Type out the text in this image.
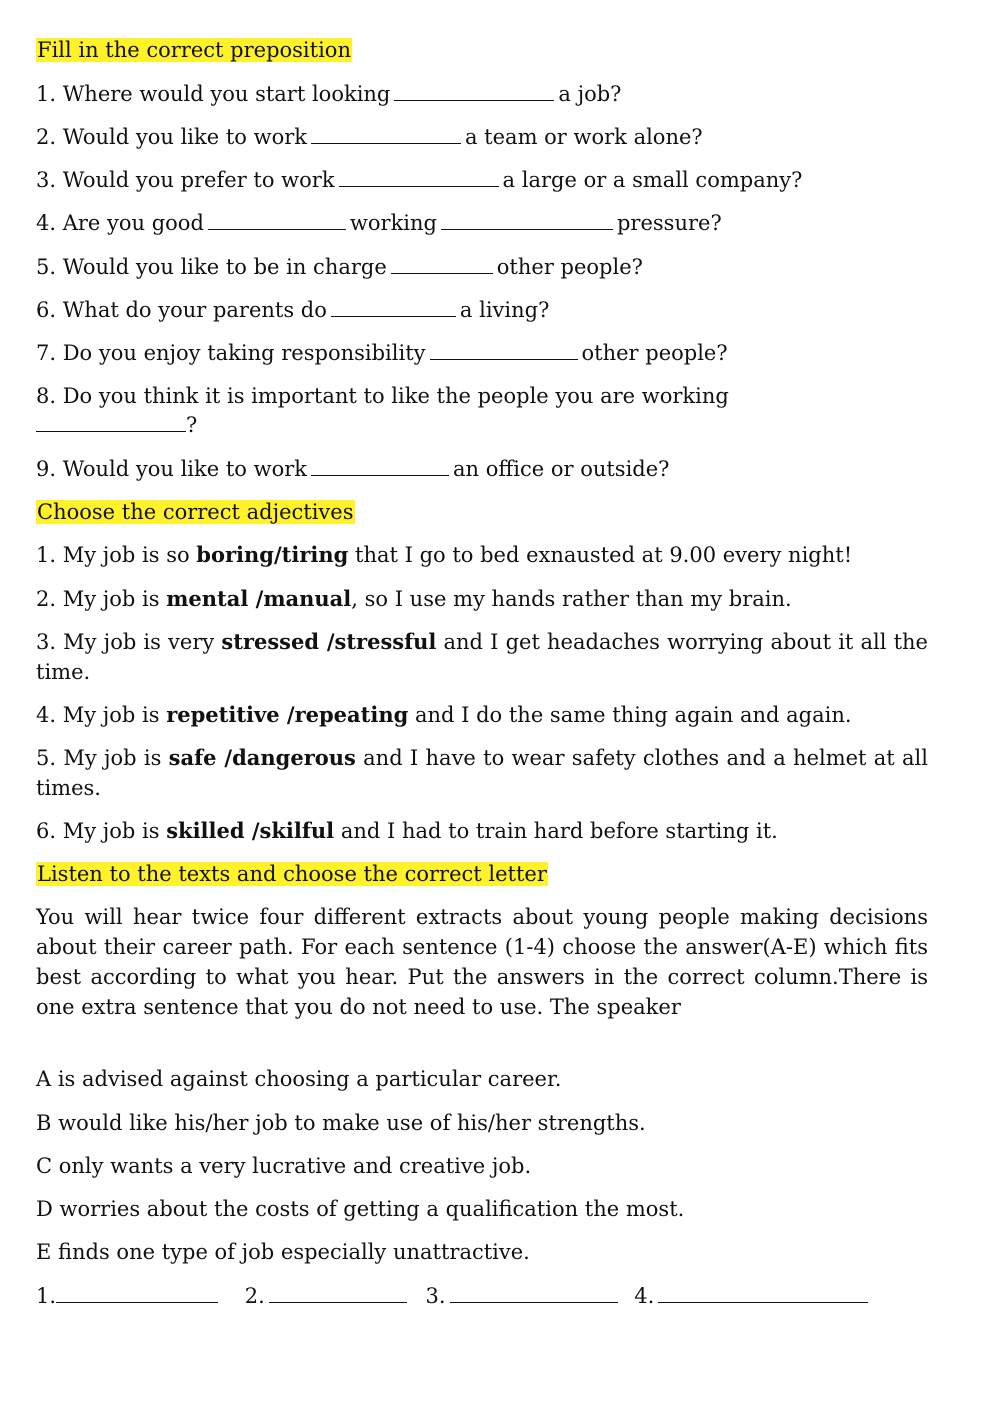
Fill in the correct preposition
1. Where would you start looking	a job?
2. Would you like to work	a team or work alone?
3. Would you prefer to work	a large or a small company?
4. Are you good	working	pressure?
5. Would you like to be in charge	other people?
6. What do your parents do	a living?
7. Do you enjoy taking responsibility	other people?
8. Do you think it is important to like the people you are working
?
9. Would you like to work	an office or outside?
Choose the correct adjectives
1. My job is so boring/tiring that I go to bed exnausted at 9.00 every night!
2. My job is mental /manual, so I use my hands rather than my brain.
3. My job is very stressed /stressful and I get headaches worrying about it all the time.
4. My job is repetitive /repeating and I do the same thing again and again.
5. My job is safe /dangerous and I have to wear safety clothes and a helmet at all times.
6. My job is skilled /skilful and I had to train hard before starting it.
Listen to the texts and choose the correct letter
You will hear twice four different extracts about young people making decisions about their career path. For each sentence (1-4) choose the answer(A-E) which fits best according to what you hear. Put the answers in the correct column.There is one extra sentence that you do not need to use. The speaker
A is advised against choosing a particular career.
B would like his/her job to make use of his/her strengths.
C only wants a very lucrative and creative job.
D worries about the costs of getting a qualification the most.
E finds one type of job especially unattractive.
1.	2.	3.	4.
